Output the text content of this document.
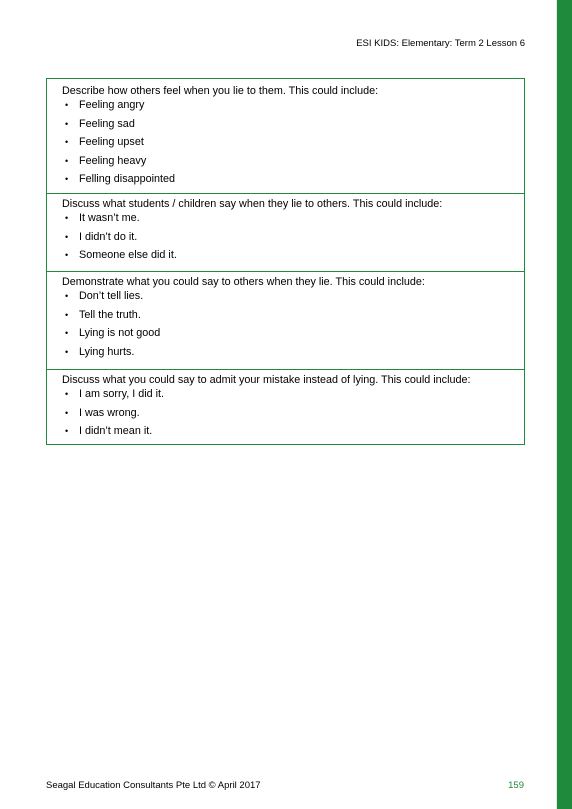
ESI KIDS: Elementary: Term 2 Lesson 6
Describe how others feel when you lie to them. This could include:
• Feeling angry
• Feeling sad
• Feeling upset
• Feeling heavy
• Felling disappointed
Discuss what students / children say when they lie to others. This could include:
• It wasn’t me.
• I didn’t do it.
• Someone else did it.
Demonstrate what you could say to others when they lie. This could include:
• Don’t tell lies.
• Tell the truth.
• Lying is not good
• Lying hurts.
Discuss what you could say to admit your mistake instead of lying. This could include:
• I am sorry, I did it.
• I was wrong.
• I didn’t mean it.
Seagal Education Consultants Pte Ltd © April 2017	159
